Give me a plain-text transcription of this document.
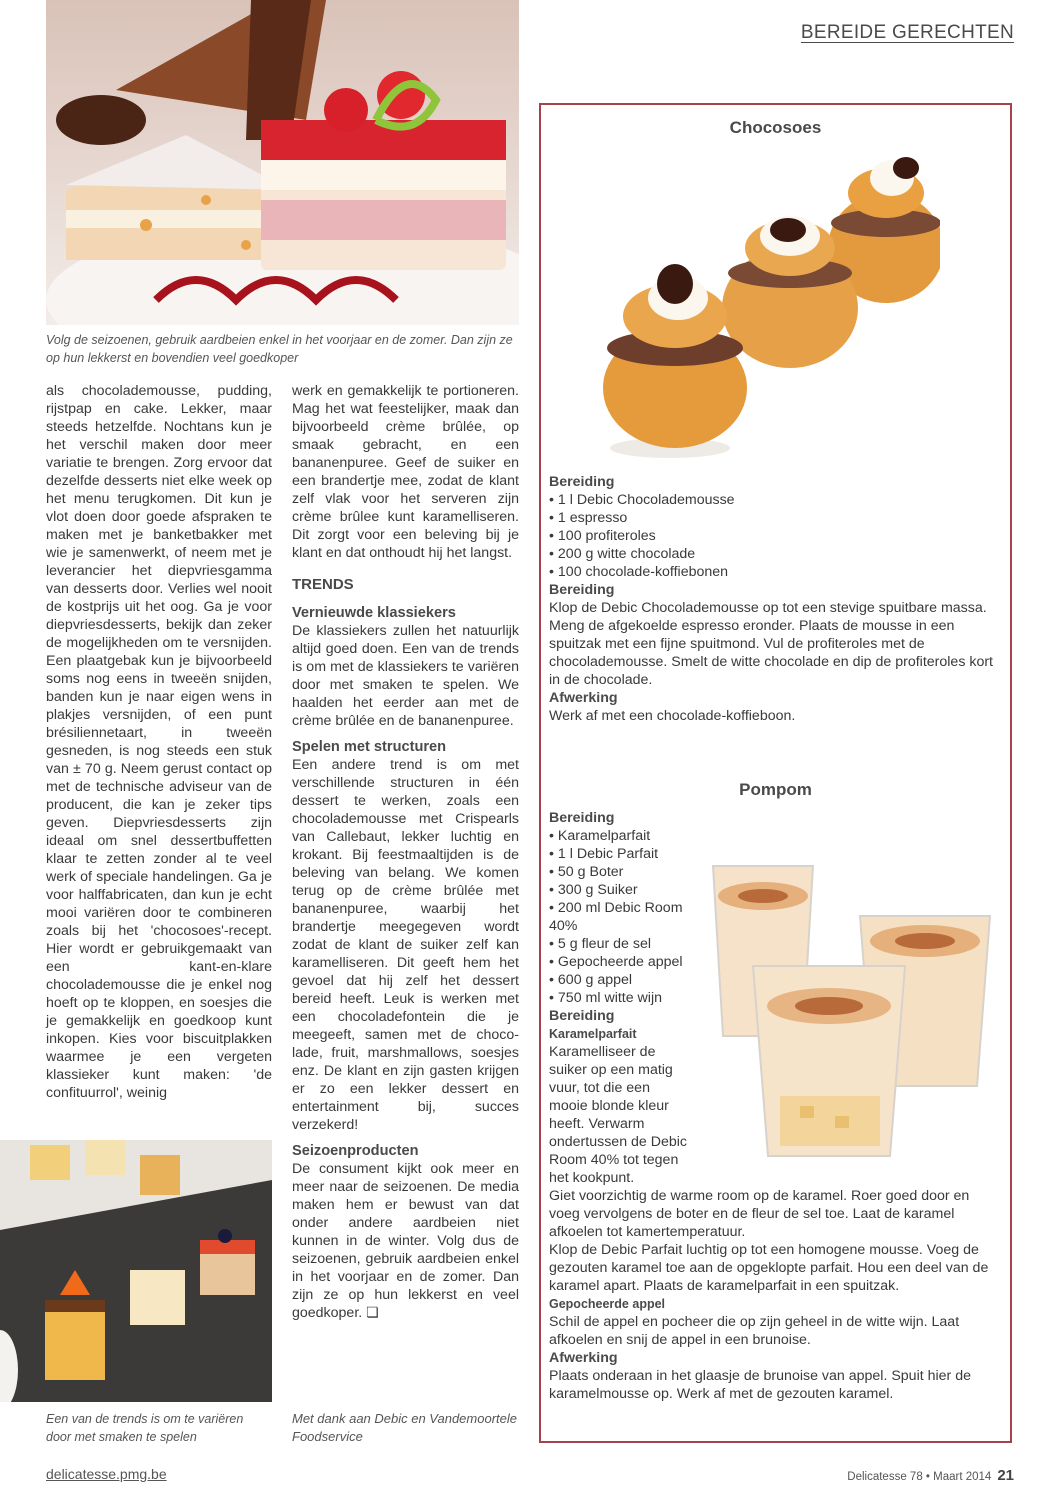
BEREIDE GERECHTEN
Volg de seizoenen, gebruik aardbeien enkel in het voorjaar en de zomer. Dan zijn ze op hun lekkerst en bovendien veel goedkoper

als chocolademousse, pudding, rijstpap en cake. Lekker, maar steeds hetzelfde. Nochtans kun je het verschil maken door meer variatie te brengen. Zorg ervoor dat dezelfde desserts niet elke week op het menu terugkomen. Dit kun je vlot doen door goede afspraken te maken met je banketbakker met wie je samenwerkt, of neem met je leverancier het diepvriesgamma van desserts door. Verlies wel nooit de kostprijs uit het oog. Ga je voor diepvriesdesserts, bekijk dan zeker de mogelijkheden om te versnijden. Een plaatgebak kun je bijvoorbeeld soms nog eens in tweeën snijden, banden kun je naar eigen wens in plakjes versnijden, of een punt brésiliennetaart, in tweeën gesneden, is nog steeds een stuk van ± 70 g. Neem gerust contact op met de technische adviseur van de producent, die kan je zeker tips geven. Diepvriesdesserts zijn ideaal om snel dessertbuffetten klaar te zetten zonder al te veel werk of speciale handelingen. Ga je voor halffabricaten, dan kun je echt mooi variëren door te combineren zoals bij het 'chocosoes'-recept. Hier wordt er gebruikgemaakt van een kant-en-klare chocolademousse die je enkel nog hoeft op te kloppen, en soesjes die je gemakkelijk en goedkoop kunt inkopen. Kies voor biscuitplakken waarmee je een vergeten klassieker kunt maken: 'de confituurrol', weinig

Een van de trends is om te variëren door met smaken te spelen

werk en gemakkelijk te portioneren. Mag het wat feestelijker, maak dan bijvoorbeeld crème brûlée, op smaak gebracht, en een bananenpuree. Geef de suiker en een brandertje mee, zodat de klant zelf vlak voor het serveren zijn crème brûlee kunt karamelliseren. Dit zorgt voor een beleving bij je klant en dat onthoudt hij het langst.

TRENDS
Vernieuwde klassiekers

De klassiekers zullen het natuurlijk altijd goed doen. Een van de trends is om met de klassiekers te variëren door met smaken te spelen. We haalden het eerder aan met de crème brûlée en de bananenpuree.

Spelen met structuren

Een andere trend is om met verschillende structuren in één dessert te werken, zoals een chocolademousse met Crispearls van Callebaut, lekker luchtig en krokant. Bij feestmaaltijden is de beleving van belang. We komen terug op de crème brûlée met bananenpuree, waarbij het brandertje meegegeven wordt zodat de klant de suiker zelf kan karamelliseren. Dit geeft hem het gevoel dat hij zelf het dessert bereid heeft. Leuk is werken met een chocoladefontein die je meegeeft, samen met de chocolade, fruit, marshmallows, soesjes enz. De klant en zijn gasten krijgen er zo een lekker dessert en entertainment bij, succes verzekerd!

Seizoenproducten

De consument kijkt ook meer en meer naar de seizoenen. De media maken hem er bewust van dat onder andere aardbeien niet kunnen in de winter. Volg dus de seizoenen, gebruik aardbeien enkel in het voorjaar en de zomer. Dan zijn ze op hun lekkerst en veel goedkoper. ❏

Met dank aan Debic en Vandemoortele Foodservice
Chocosoes
Bereiding
• 1 l Debic Chocolademousse
• 1 espresso
• 100 profiteroles
• 200 g witte chocolade
• 100 chocolade-koffiebonen
Bereiding

Klop de Debic Chocolademousse op tot een stevige spuitbare massa. Meng de afgekoelde espresso eronder. Plaats de mousse in een spuitzak met een fijne spuitmond. Vul de profiteroles met de chocolademousse. Smelt de witte chocolade en dip de profiteroles kort in de chocolade.

Afwerking

Werk af met een chocolade-koffieboon.

Pompom
Bereiding
• Karamelparfait
• 1 l Debic Parfait
• 50 g Boter
• 300 g Suiker
• 200 ml Debic Room 40%
• 5 g fleur de sel
• Gepocheerde appel
• 600 g appel
• 750 ml witte wijn
Bereiding
Karamelparfait

Karamelliseer de suiker op een matig vuur, tot die een mooie blonde kleur heeft. Verwarm ondertussen de Debic Room 40% tot tegen het kookpunt.

Giet voorzichtig de warme room op de karamel. Roer goed door en voeg vervolgens de boter en de fleur de sel toe. Laat de karamel afkoelen tot kamertemperatuur.

Klop de Debic Parfait luchtig op tot een homogene mousse. Voeg de gezouten karamel toe aan de opgeklopte parfait. Hou een deel van de karamel apart. Plaats de karamelparfait in een spuitzak.

Gepocheerde appel

Schil de appel en pocheer die op zijn geheel in de witte wijn. Laat afkoelen en snij de appel in een brunoise.

Afwerking

Plaats onderaan in het glaasje de brunoise van appel. Spuit hier de karamelmousse op. Werk af met de gezouten karamel.

delicatesse.pmg.be	Delicatesse 78 • Maart 2014 21
